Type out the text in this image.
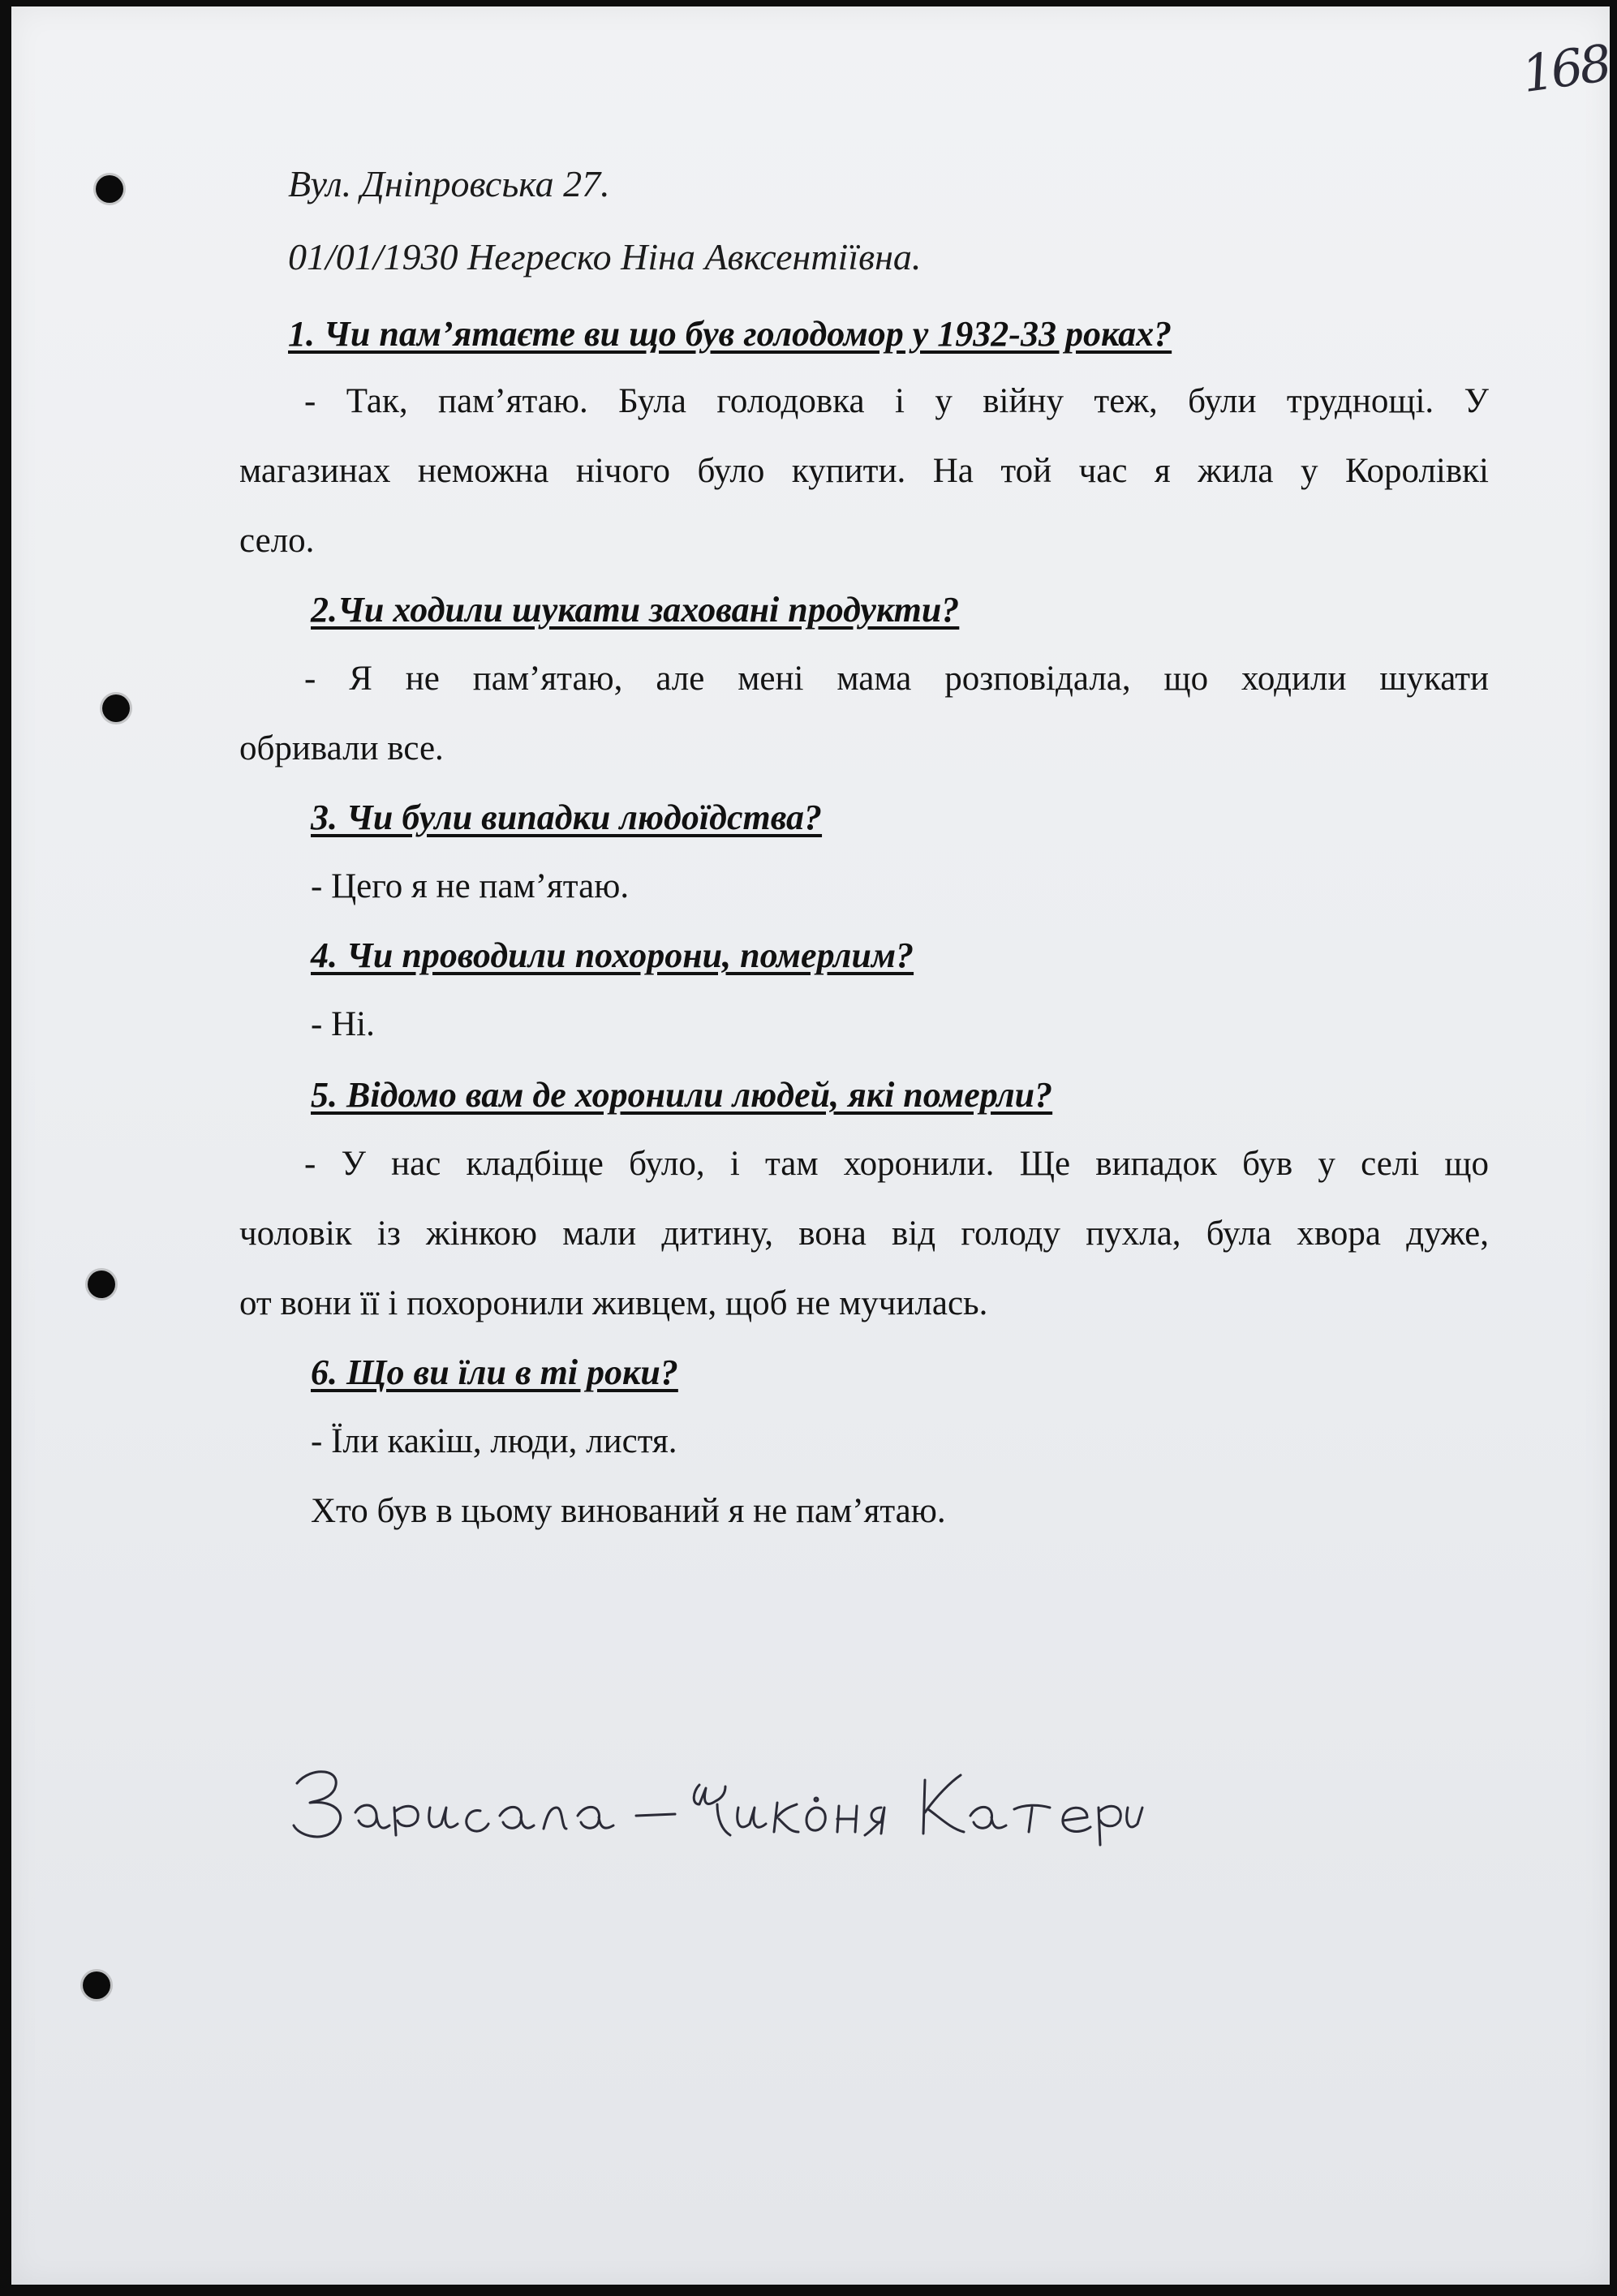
168
Вул. Дніпровська 27.
01/01/1930 Негреско Ніна Авксентіївна.
1. Чи пам’ятаєте ви що був голодомор у 1932-33 роках?
- Так, пам’ятаю. Була голодовка і у війну теж, були труднощі. У
магазинах неможна нічого було купити. На той час я жила у Королівкі
село.
2.Чи ходили шукати заховані продукти?
- Я не пам’ятаю, але мені мама розповідала, що ходили шукати
обривали все.
3. Чи були випадки людоїдства?
- Цего я не пам’ятаю.
4. Чи проводили похорони, померлим?
- Ні.
5. Відомо вам де хоронили людей, які померли?
- У нас кладбіще було, і там хоронили. Ще випадок був у селі що
чоловік із жінкою мали дитину, вона від голоду пухла, була хвора дуже,
от вони її і похоронили живцем, щоб не мучилась.
6. Що ви їли в ті роки?
- Їли какіш, люди, листя.
Хто був в цьому винований я не пам’ятаю.
